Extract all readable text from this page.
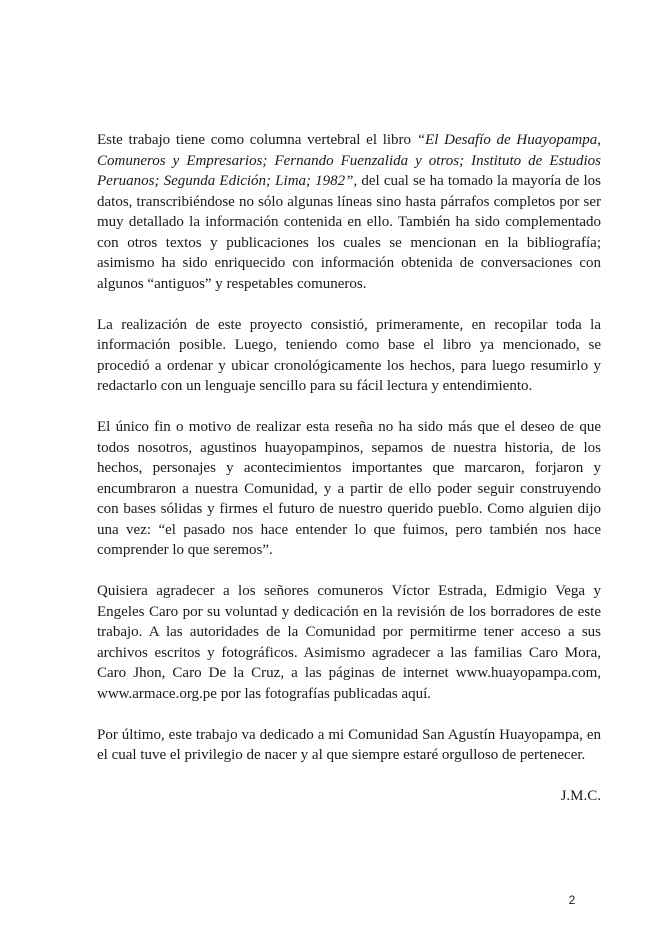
Este trabajo tiene como columna vertebral el libro “El Desafío de Huayopampa, Comuneros y Empresarios; Fernando Fuenzalida y otros; Instituto de Estudios Peruanos; Segunda Edición; Lima; 1982”, del cual se ha tomado la mayoría de los datos, transcribiéndose no sólo algunas líneas sino hasta párrafos completos por ser muy detallado la información contenida en ello. También ha sido complementado con otros textos y publicaciones los cuales se mencionan en la bibliografía; asimismo ha sido enriquecido con información obtenida de conversaciones con algunos “antiguos” y respetables comuneros.

La realización de este proyecto consistió, primeramente, en recopilar toda la información posible. Luego, teniendo como base el libro ya mencionado, se procedió a ordenar y ubicar cronológicamente los hechos, para luego resumirlo y redactarlo con un lenguaje sencillo para su fácil lectura y entendimiento.

El único fin o motivo de realizar esta reseña no ha sido más que el deseo de que todos nosotros, agustinos huayopampinos, sepamos de nuestra historia, de los hechos, personajes y acontecimientos importantes que marcaron, forjaron y encumbraron a nuestra Comunidad, y a partir de ello poder seguir construyendo con bases sólidas y firmes el futuro de nuestro querido pueblo. Como alguien dijo una vez: “el pasado nos hace entender lo que fuimos, pero también nos hace comprender lo que seremos”.

Quisiera agradecer a los señores comuneros Víctor Estrada, Edmigio Vega y Engeles Caro por su voluntad y dedicación en la revisión de los borradores de este trabajo. A las autoridades de la Comunidad por permitirme tener acceso a sus archivos escritos y fotográficos. Asimismo agradecer a las familias Caro Mora, Caro Jhon, Caro De la Cruz, a las páginas de internet www.huayopampa.com, www.armace.org.pe por las fotografías publicadas aquí.

Por último, este trabajo va dedicado a mi Comunidad San Agustín Huayopampa, en el cual tuve el privilegio de nacer y al que siempre estaré orgulloso de pertenecer.

J.M.C.

2
